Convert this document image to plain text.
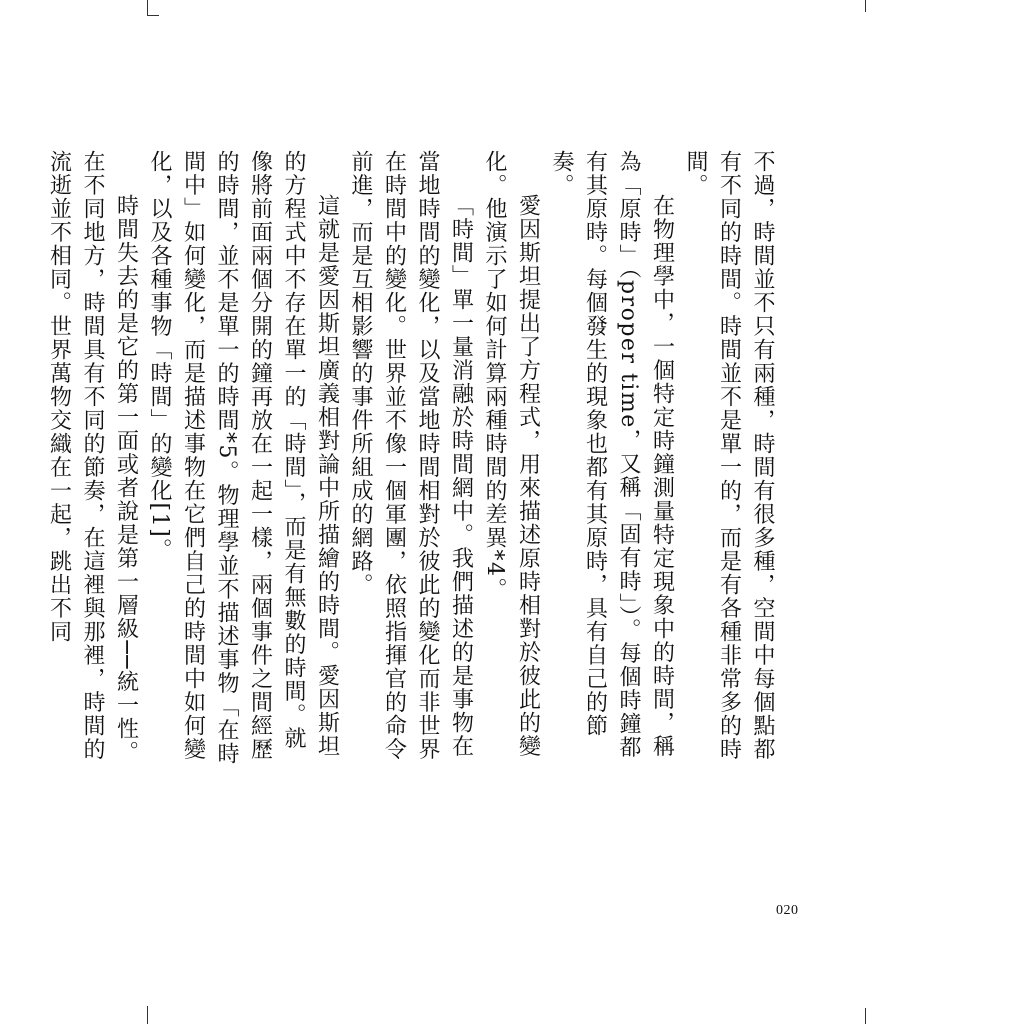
不過，時間並不只有兩種，時間有很多種，空間中每個點都有不同的時間。時間並不是單一的，而是有各種非常多的時間。

在物理學中，一個特定時鐘測量特定現象中的時間，稱為「原時」（proper time，又稱「固有時」）。每個時鐘都有其原時。每個發生的現象也都有其原時，具有自己的節奏。

愛因斯坦提出了方程式，用來描述原時相對於彼此的變化。他演示了如何計算兩種時間的差異*4。

「時間」單一量消融於時間網中。我們描述的是事物在當地時間的變化，以及當地時間相對於彼此的變化而非世界在時間中的變化。世界並不像一個軍團，依照指揮官的命令前進，而是互相影響的事件所組成的網路。

這就是愛因斯坦廣義相對論中所描繪的時間。愛因斯坦的方程式中不存在單一的「時間」，而是有無數的時間。就像將前面兩個分開的鐘再放在一起一樣，兩個事件之間經歷的時間，並不是單一的時間*5。物理學並不描述事物「在時間中」如何變化，而是描述事物在它們自己的時間中如何變化，以及各種事物「時間」的變化[1]。

時間失去的是它的第一面或者說是第一層級──統一性。在不同地方，時間具有不同的節奏，在這裡與那裡，時間的流逝並不相同。世界萬物交織在一起，跳出不同

020
